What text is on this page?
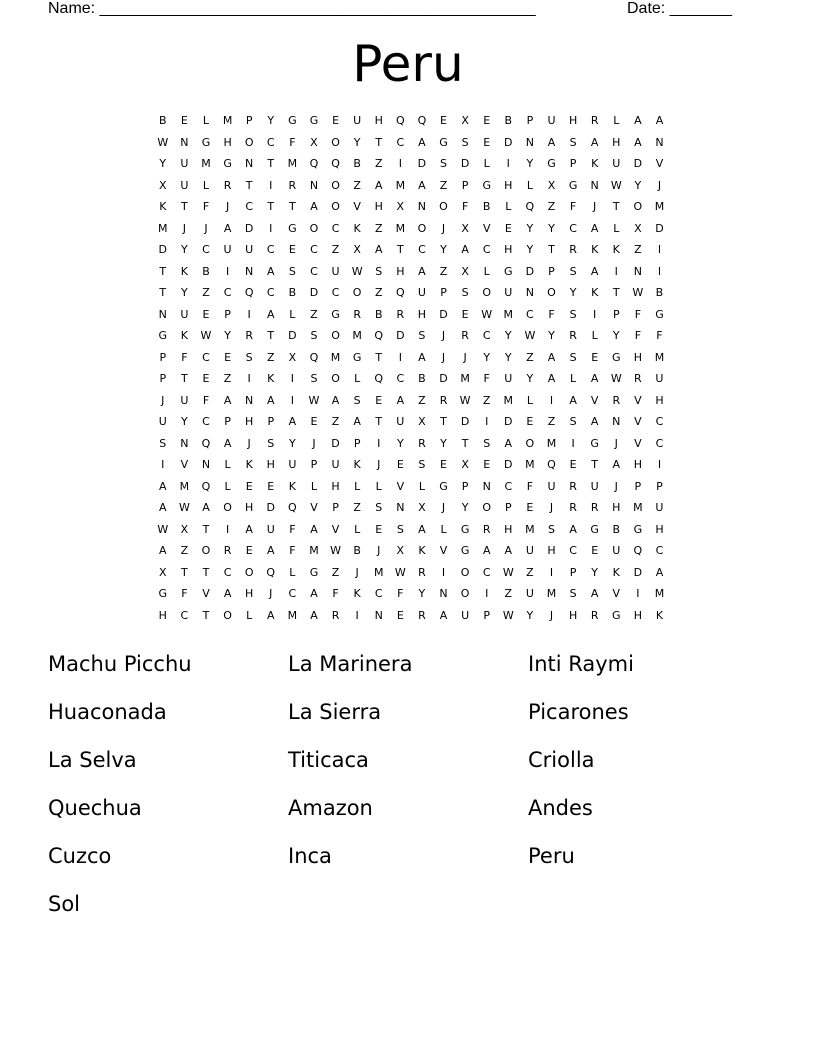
Name: _________________________________________________	Date: _______
Peru
B	E	L	M	P	Y	G	G	E	U	H	Q	Q	E	X	E	B	P	U	H	R	L	A	A
W	N	G	H	O	C	F	X	O	Y	T	C	A	G	S	E	D	N	A	S	A	H	A	N
Y	U	M	G	N	T	M	Q	Q	B	Z	I	D	S	D	L	I	Y	G	P	K	U	D	V
X	U	L	R	T	I	R	N	O	Z	A	M	A	Z	P	G	H	L	X	G	N	W	Y	J
K	T	F	J	C	T	T	A	O	V	H	X	N	O	F	B	L	Q	Z	F	J	T	O	M
M	J	J	A	D	I	G	O	C	K	Z	M	O	J	X	V	E	Y	Y	C	A	L	X	D
D	Y	C	U	U	C	E	C	Z	X	A	T	C	Y	A	C	H	Y	T	R	K	K	Z	I
T	K	B	I	N	A	S	C	U	W	S	H	A	Z	X	L	G	D	P	S	A	I	N	I
T	Y	Z	C	Q	C	B	D	C	O	Z	Q	U	P	S	O	U	N	O	Y	K	T	W	B
N	U	E	P	I	A	L	Z	G	R	B	R	H	D	E	W	M	C	F	S	I	P	F	G
G	K	W	Y	R	T	D	S	O	M	Q	D	S	J	R	C	Y	W	Y	R	L	Y	F	F
P	F	C	E	S	Z	X	Q	M	G	T	I	A	J	J	Y	Y	Z	A	S	E	G	H	M
P	T	E	Z	I	K	I	S	O	L	Q	C	B	D	M	F	U	Y	A	L	A	W	R	U
J	U	F	A	N	A	I	W	A	S	E	A	Z	R	W	Z	M	L	I	A	V	R	V	H
U	Y	C	P	H	P	A	E	Z	A	T	U	X	T	D	I	D	E	Z	S	A	N	V	C
S	N	Q	A	J	S	Y	J	D	P	I	Y	R	Y	T	S	A	O	M	I	G	J	V	C
I	V	N	L	K	H	U	P	U	K	J	E	S	E	X	E	D	M	Q	E	T	A	H	I
A	M	Q	L	E	E	K	L	H	L	L	V	L	G	P	N	C	F	U	R	U	J	P	P
A	W	A	O	H	D	Q	V	P	Z	S	N	X	J	Y	O	P	E	J	R	R	H	M	U
W	X	T	I	A	U	F	A	V	L	E	S	A	L	G	R	H	M	S	A	G	B	G	H
A	Z	O	R	E	A	F	M	W	B	J	X	K	V	G	A	A	U	H	C	E	U	Q	C
X	T	T	C	O	Q	L	G	Z	J	M	W	R	I	O	C	W	Z	I	P	Y	K	D	A
G	F	V	A	H	J	C	A	F	K	C	F	Y	N	O	I	Z	U	M	S	A	V	I	M
H	C	T	O	L	A	M	A	R	I	N	E	R	A	U	P	W	Y	J	H	R	G	H	K
Machu Picchu	La Marinera	Inti Raymi
Huaconada	La Sierra	Picarones
La Selva	Titicaca	Criolla
Quechua	Amazon	Andes
Cuzco	Inca	Peru
Sol
